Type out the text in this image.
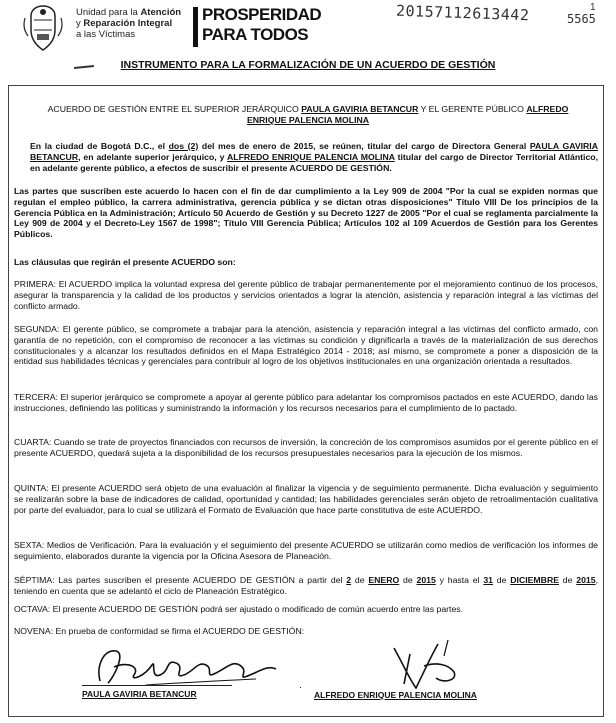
Unidad para la Atención
y Reparación Integral
a las Víctimas
PROSPERIDAD
PARA TODOS
20157112613442	5565
1
INSTRUMENTO PARA LA FORMALIZACIÓN DE UN ACUERDO DE GESTIÓN
ACUERDO DE GESTIÓN ENTRE EL SUPERIOR JERÁRQUICO PAULA GAVIRIA BETANCUR Y EL GERENTE PÚBLICO ALFREDO ENRIQUE PALENCIA MOLINA
En la ciudad de Bogotá D.C., el dos (2) del mes de enero de 2015, se reúnen, titular del cargo de Directora General PAULA GAVIRIA BETANCUR, en adelante superior jerárquico, y ALFREDO ENRIQUE PALENCIA MOLINA titular del cargo de Director Territorial Atlántico, en adelante gerente público, a efectos de suscribir el presente ACUERDO DE GESTIÓN.
Las partes que suscriben este acuerdo lo hacen con el fin de dar cumplimiento a la Ley 909 de 2004 "Por la cual se expiden normas que regulan el empleo público, la carrera administrativa, gerencia pública y se dictan otras disposiciones" Título VIII De los principios de la Gerencia Pública en la Administración; Artículo 50 Acuerdo de Gestión y su Decreto 1227 de 2005 "Por el cual se reglamenta parcialmente la Ley 909 de 2004 y el Decreto-Ley 1567 de 1998"; Título VIII Gerencia Pública; Artículos 102 al 109 Acuerdos de Gestión para los Gerentes Públicos.
Las cláusulas que regirán el presente ACUERDO son:
PRIMERA: El ACUERDO implica la voluntad expresa del gerente público de trabajar permanentemente por el mejoramiento continuo de los procesos, asegurar la transparencia y la calidad de los productos y servicios orientados a lograr la atención, asistencia y reparación integral a las víctimas del conflicto armado.
SEGUNDA: El gerente público, se compromete a trabajar para la atención, asistencia y reparación integral a las víctimas del conflicto armado, con garantía de no repetición, con el compromiso de reconocer a las víctimas su condición y dignificarla a través de la materialización de sus derechos constitucionales y a alcanzar los resultados definidos en el Mapa Estratégico 2014 - 2018; así mismo, se compromete a poner a disposición de la entidad sus habilidades técnicas y gerenciales para contribuir al logro de los objetivos institucionales en una organización orientada a resultados.
TERCERA: El superior jerárquico se compromete a apoyar al gerente público para adelantar los compromisos pactados en este ACUERDO, dando las instrucciones, definiendo las políticas y suministrando la información y los recursos necesarios para el cumplimiento de lo pactado.
CUARTA: Cuando se trate de proyectos financiados con recursos de inversión, la concreción de los compromisos asumidos por el gerente público en el presente ACUERDO, quedará sujeta a la disponibilidad de los recursos presupuestales necesarios para la ejecución de los mismos.
QUINTA: El presente ACUERDO será objeto de una evaluación al finalizar la vigencia y de seguimiento permanente. Dicha evaluación y seguimiento se realizarán sobre la base de indicadores de calidad, oportunidad y cantidad; las habilidades gerenciales serán objeto de retroalimentación cualitativa por parte del evaluador, para lo cual se utilizará el Formato de Evaluación que hace parte constitutiva de este ACUERDO.
SEXTA: Medios de Verificación. Para la evaluación y el seguimiento del presente ACUERDO se utilizarán como medios de verificación los informes de seguimiento, elaborados durante la vigencia por la Oficina Asesora de Planeación.
SÉPTIMA: Las partes suscriben el presente ACUERDO DE GESTIÓN a partir del 2 de ENERO de 2015 y hasta el 31 de DICIEMBRE de 2015, teniendo en cuenta que se adelantó el ciclo de Planeación Estratégico.
OCTAVA: El presente ACUERDO DE GESTIÓN podrá ser ajustado o modificado de común acuerdo entre las partes.
NOVENA: En prueba de conformidad se firma el ACUERDO DE GESTIÓN:
PAULA GAVIRIA BETANCUR	ALFREDO ENRIQUE PALENCIA MOLINA
